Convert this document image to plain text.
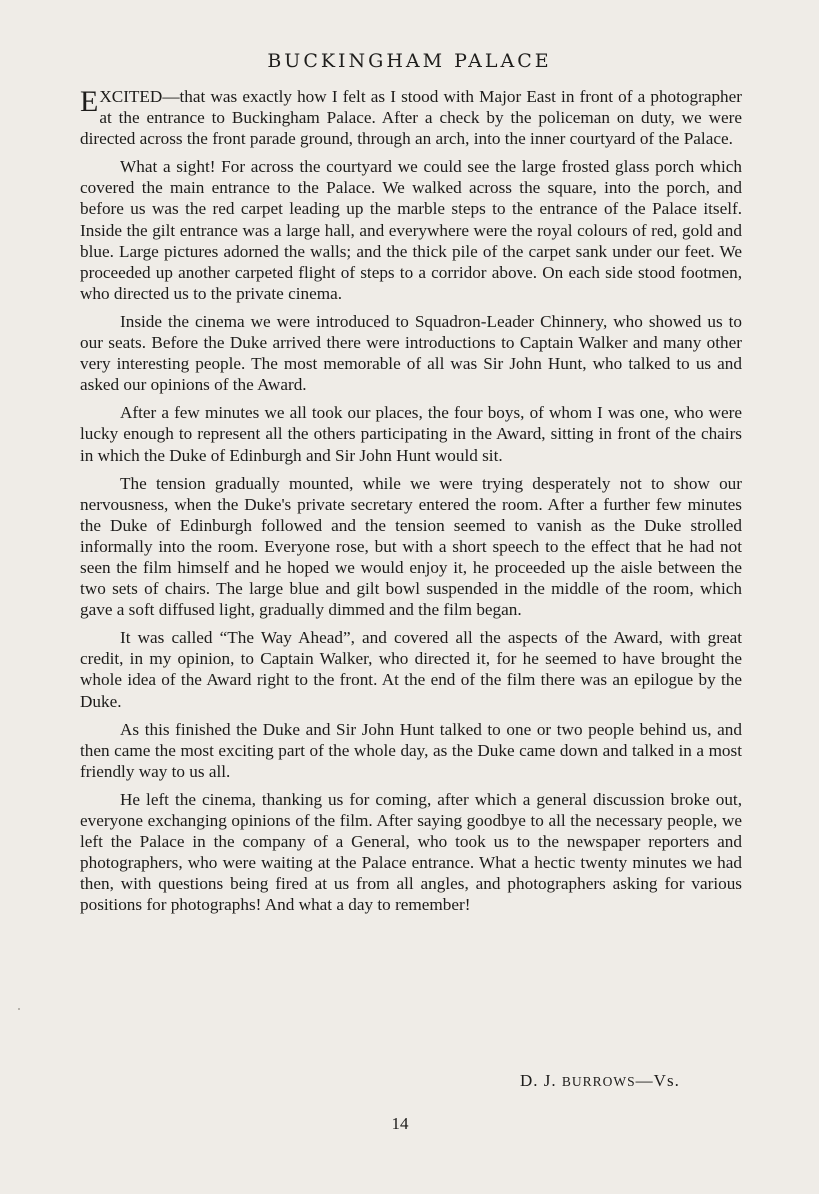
BUCKINGHAM PALACE

EXCITED—that was exactly how I felt as I stood with Major East in front of a photographer at the entrance to Buckingham Palace. After a check by the policeman on duty, we were directed across the front parade ground, through an arch, into the inner courtyard of the Palace.

What a sight! For across the courtyard we could see the large frosted glass porch which covered the main entrance to the Palace. We walked across the square, into the porch, and before us was the red carpet leading up the marble steps to the entrance of the Palace itself. Inside the gilt entrance was a large hall, and everywhere were the royal colours of red, gold and blue. Large pictures adorned the walls; and the thick pile of the carpet sank under our feet. We proceeded up another carpeted flight of steps to a corridor above. On each side stood footmen, who directed us to the private cinema.

Inside the cinema we were introduced to Squadron-Leader Chinnery, who showed us to our seats. Before the Duke arrived there were introductions to Captain Walker and many other very interesting people. The most memorable of all was Sir John Hunt, who talked to us and asked our opinions of the Award.

After a few minutes we all took our places, the four boys, of whom I was one, who were lucky enough to represent all the others participating in the Award, sitting in front of the chairs in which the Duke of Edinburgh and Sir John Hunt would sit.

The tension gradually mounted, while we were trying desperately not to show our nervousness, when the Duke's private secretary entered the room. After a further few minutes the Duke of Edinburgh followed and the tension seemed to vanish as the Duke strolled informally into the room. Everyone rose, but with a short speech to the effect that he had not seen the film himself and he hoped we would enjoy it, he proceeded up the aisle between the two sets of chairs. The large blue and gilt bowl suspended in the middle of the room, which gave a soft diffused light, gradually dimmed and the film began.

It was called “The Way Ahead”, and covered all the aspects of the Award, with great credit, in my opinion, to Captain Walker, who directed it, for he seemed to have brought the whole idea of the Award right to the front. At the end of the film there was an epilogue by the Duke.

As this finished the Duke and Sir John Hunt talked to one or two people behind us, and then came the most exciting part of the whole day, as the Duke came down and talked in a most friendly way to us all.

He left the cinema, thanking us for coming, after which a general discussion broke out, everyone exchanging opinions of the film. After saying goodbye to all the necessary people, we left the Palace in the company of a General, who took us to the newspaper reporters and photographers, who were waiting at the Palace entrance. What a hectic twenty minutes we had then, with questions being fired at us from all angles, and photographers asking for various positions for photographs! And what a day to remember!

D. J. BURROWS—Vs.
14
